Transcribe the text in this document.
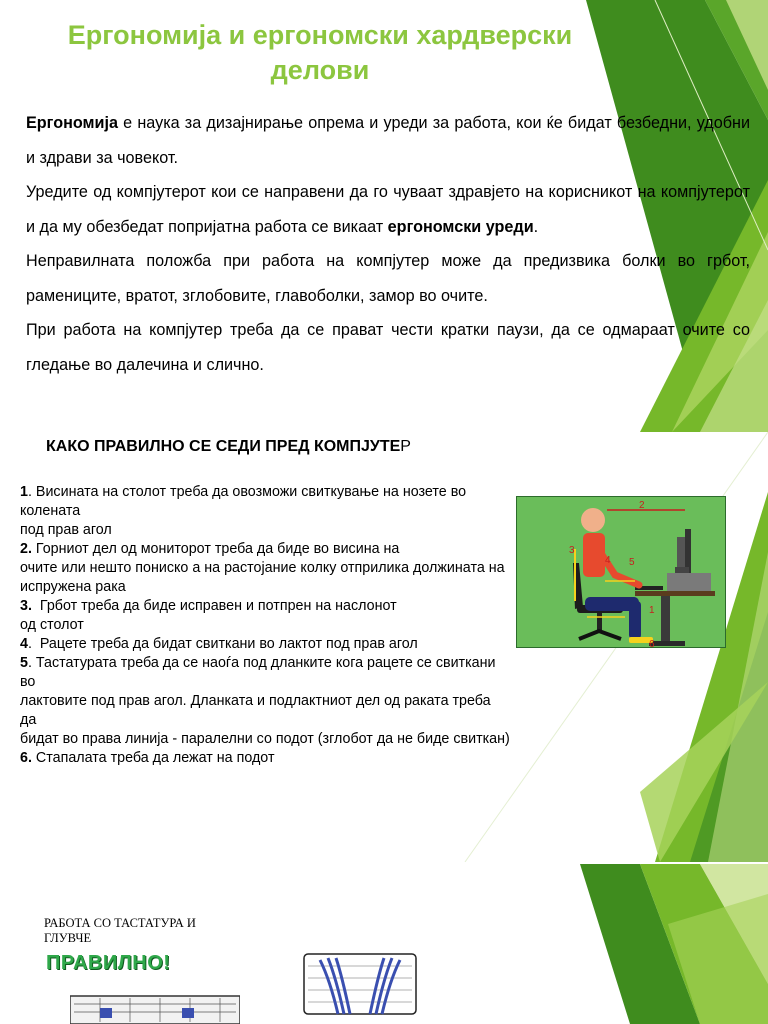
Ергономија и ергономски хардверски делови

Ергономија е наука за дизајнирање опрема и уреди за работа, кои ќе бидат безбедни, удобни и здрави за човекот.

Уредите од компјутерот кои се направени да го чуваат здравјето на корисникот на компјутерот и да му обезбедат попријатна работа се викаат ергономски уреди.

Неправилната положба при работа на компјутер може да предизвика болки во грбот, рамениците, вратот, зглобовите, главоболки, замор во очите.

При работа на компјутер треба да се прават чести кратки паузи, да се одмараат очите со гледање во далечина и слично.

КАКО ПРАВИЛНО СЕ СЕДИ ПРЕД КОМПЈУТЕР
1. Висината на столот треба да овозможи свиткување на нозете во колената
под прав агол
2. Горниот дел од мониторот треба да биде во висина на
очите или нешто пониско а на растојание колку отприлика должината на
испружена рака
3. Грбот треба да биде исправен и потпрен на наслонот
од столот
4.  Рацете треба да бидат свиткани во лактот под прав агол
5. Тастатурата треба да се наоѓа под дланките кога рацете се свиткани во
лактовите под прав агол. Дланката и подлактниот дел од раката треба да
бидат во права линија - паралелни со подот (зглобот да не биде свиткан)
6. Стапалата треба да лежат на подот
1
2
3
4 5
6
РАБОТА СО ТАСТАТУРА И ГЛУВЧЕ
ПРАВИЛНО!
